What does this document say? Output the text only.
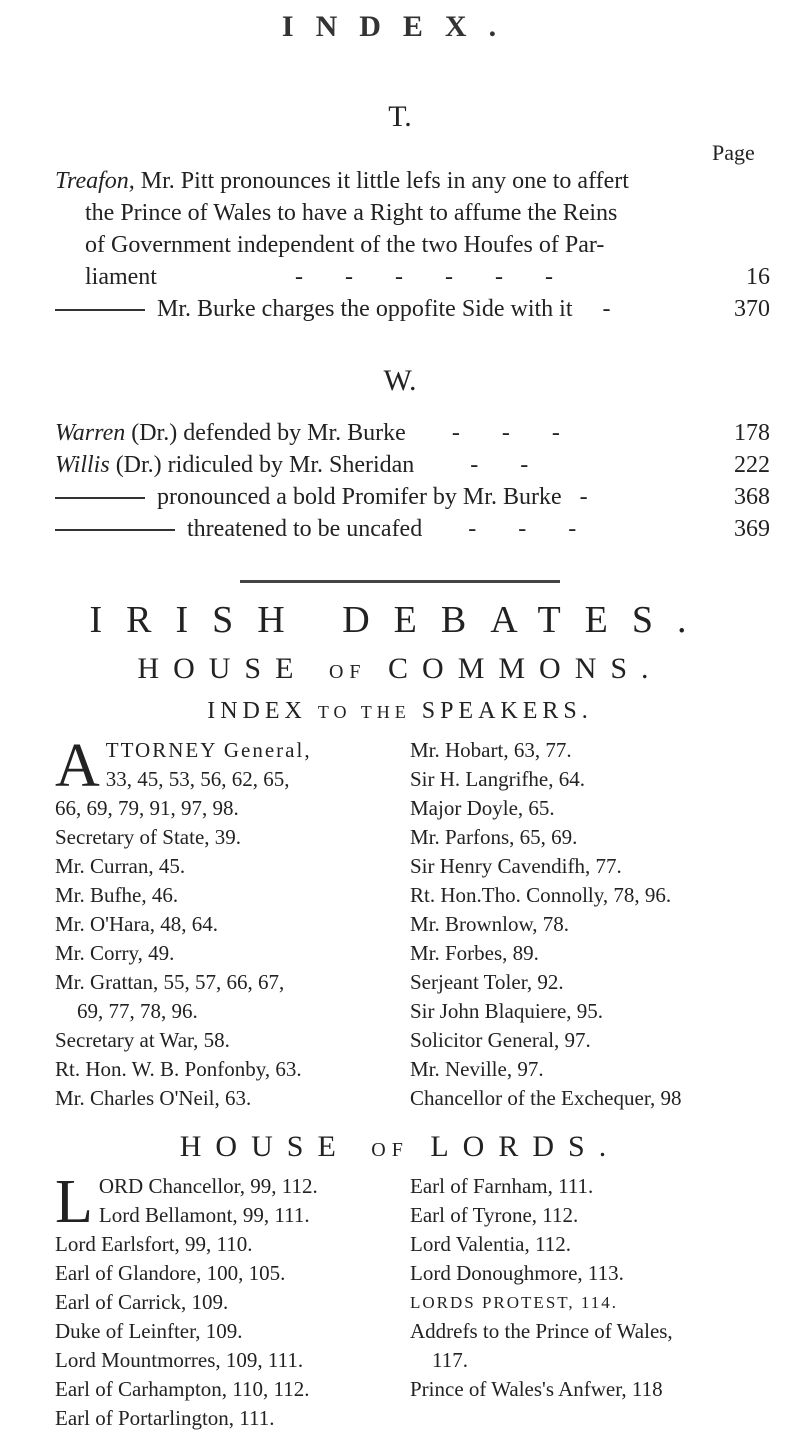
INDEX.
T.
Page
Treafon, Mr. Pitt pronounces it little lefs in any one to affert
the Prince of Wales to have a Right to affume the Reins
of Government independent of the two Houfes of Par-
liament	- - - - - -	16
Mr. Burke charges the oppofite Side with it -	370
W.
Warren (Dr.) defended by Mr. Burke - - -	178
Willis (Dr.) ridiculed by Mr. Sheridan - -	222
pronounced a bold Promifer by Mr. Burke -	368
threatened to be uncafed - - -	369
IRISH DEBATES.
HOUSE OF COMMONS.
INDEX TO THE SPEAKERS.
A TTORNEY General,
33, 45, 53, 56, 62, 65,
66, 69, 79, 91, 97, 98.
Secretary of State, 39.
Mr. Curran, 45.
Mr. Bufhe, 46.
Mr. O'Hara, 48, 64.
Mr. Corry, 49.
Mr. Grattan, 55, 57, 66, 67,
69, 77, 78, 96.
Secretary at War, 58.
Rt. Hon. W. B. Ponfonby, 63.
Mr. Charles O'Neil, 63.
Mr. Hobart, 63, 77.
Sir H. Langrifhe, 64.
Major Doyle, 65.
Mr. Parfons, 65, 69.
Sir Henry Cavendifh, 77.
Rt. Hon.Tho. Connolly, 78, 96.
Mr. Brownlow, 78.
Mr. Forbes, 89.
Serjeant Toler, 92.
Sir John Blaquiere, 95.
Solicitor General, 97.
Mr. Neville, 97.
Chancellor of the Exchequer, 98
HOUSE OF LORDS.
L ORD Chancellor, 99, 112.
Lord Bellamont, 99, 111.
Lord Earlsfort, 99, 110.
Earl of Glandore, 100, 105.
Earl of Carrick, 109.
Duke of Leinfter, 109.
Lord Mountmorres, 109, 111.
Earl of Carhampton, 110, 112.
Earl of Portarlington, 111.
Earl of Farnham, 111.
Earl of Tyrone, 112.
Lord Valentia, 112.
Lord Donoughmore, 113.
LORDS PROTEST, 114.
Addrefs to the Prince of Wales,
117.
Prince of Wales's Anfwer, 118
